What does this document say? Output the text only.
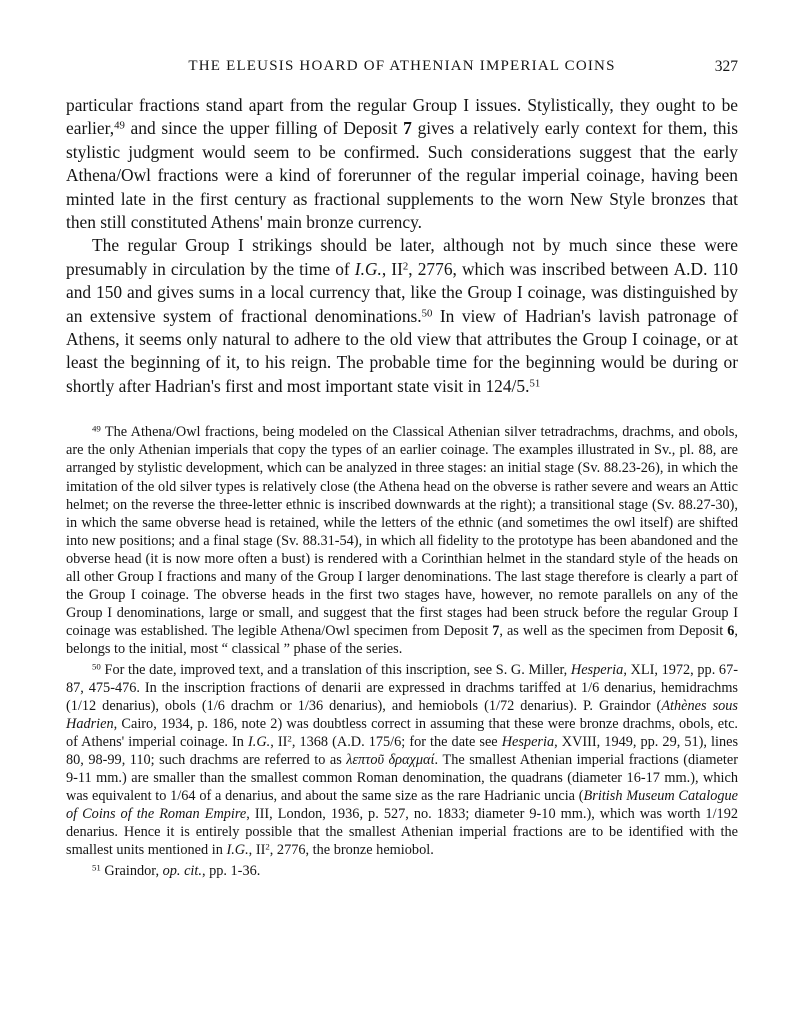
THE ELEUSIS HOARD OF ATHENIAN IMPERIAL COINS	327

particular fractions stand apart from the regular Group I issues. Stylistically, they ought to be earlier,$^{49}$ and since the upper filling of Deposit 7 gives a relatively early context for them, this stylistic judgment would seem to be confirmed. Such considerations suggest that the early Athena/Owl fractions were a kind of forerunner of the regular imperial coinage, having been minted late in the first century as fractional supplements to the worn New Style bronzes that then still constituted Athens' main bronze currency.

The regular Group I strikings should be later, although not by much since these were presumably in circulation by the time of I.G., $II^2$, 2776, which was inscribed between A.D. 110 and 150 and gives sums in a local currency that, like the Group I coinage, was distinguished by an extensive system of fractional denominations.$^{50}$ In view of Hadrian's lavish patronage of Athens, it seems only natural to adhere to the old view that attributes the Group I coinage, or at least the beginning of it, to his reign. The probable time for the beginning would be during or shortly after Hadrian's first and most important state visit in 124/5.51

$^{49}$ The Athena/Owl fractions, being modeled on the Classical Athenian silver tetradrachms, drachms, and obols, are the only Athenian imperials that copy the types of an earlier coinage. The examples illustrated in Sv., pl. 88, are arranged by stylistic development, which can be analyzed in three stages: an initial stage (Sv. 88.23-26), in which the imitation of the old silver types is relatively close (the Athena head on the obverse is rather severe and wears an Attic helmet; on the reverse the three-letter ethnic is inscribed downwards at the right); a transitional stage (Sv. 88.27-30), in which the same obverse head is retained, while the letters of the ethnic (and sometimes the owl itself) are shifted into new positions; and a final stage (Sv. 88.31-54), in which all fidelity to the prototype has been abandoned and the obverse head (it is now more often a bust) is rendered with a Corinthian helmet in the standard style of the heads on all other Group I fractions and many of the Group I larger denominations. The last stage therefore is clearly a part of the Group I coinage. The obverse heads in the first two stages have, however, no remote parallels on any of the Group I denominations, large or small, and suggest that the first stages had been struck before the regular Group I coinage was established. The legible Athena/Owl specimen from Deposit 7, as well as the specimen from Deposit 6, belongs to the initial, most “ classical ” phase of the series.

$^{50}$ For the date, improved text, and a translation of this inscription, see S. G. Miller, Hesperia, XLI, 1972, pp. 67-87, 475-476. In the inscription fractions of denarii are expressed in drachms tariffed at 1/6 denarius, hemidrachms (1/12 denarius), obols (1/6 drachm or 1/36 denarius), and hemiobols (1/72 denarius). P. Graindor (Athènes sous Hadrien, Cairo, 1934, p. 186, note 2) was doubtless correct in assuming that these were bronze drachms, obols, etc. of Athens' imperial coinage. In I.G., $II^2$, 1368 (A.D. 175/6; for the date see Hesperia, XVIII, 1949, pp. 29, 51), lines 80, 98-99, 110; such drachms are referred to as λεπτοῦ δραχμαί. The smallest Athenian imperial fractions (diameter 9-11 mm.) are smaller than the smallest common Roman denomination, the quadrans (diameter 16-17 mm.), which was equivalent to 1/64 of a denarius, and about the same size as the rare Hadrianic uncia (British Museum Catalogue of Coins of the Roman Empire, III, London, 1936, p. 527, no. 1833; diameter 9-10 mm.), which was worth 1/192 denarius. Hence it is entirely possible that the smallest Athenian imperial fractions are to be identified with the smallest units mentioned in I.G., $II^2$, 2776, the bronze hemiobol.

$^{51}$ Graindor, op. cit., pp. 1-36.
